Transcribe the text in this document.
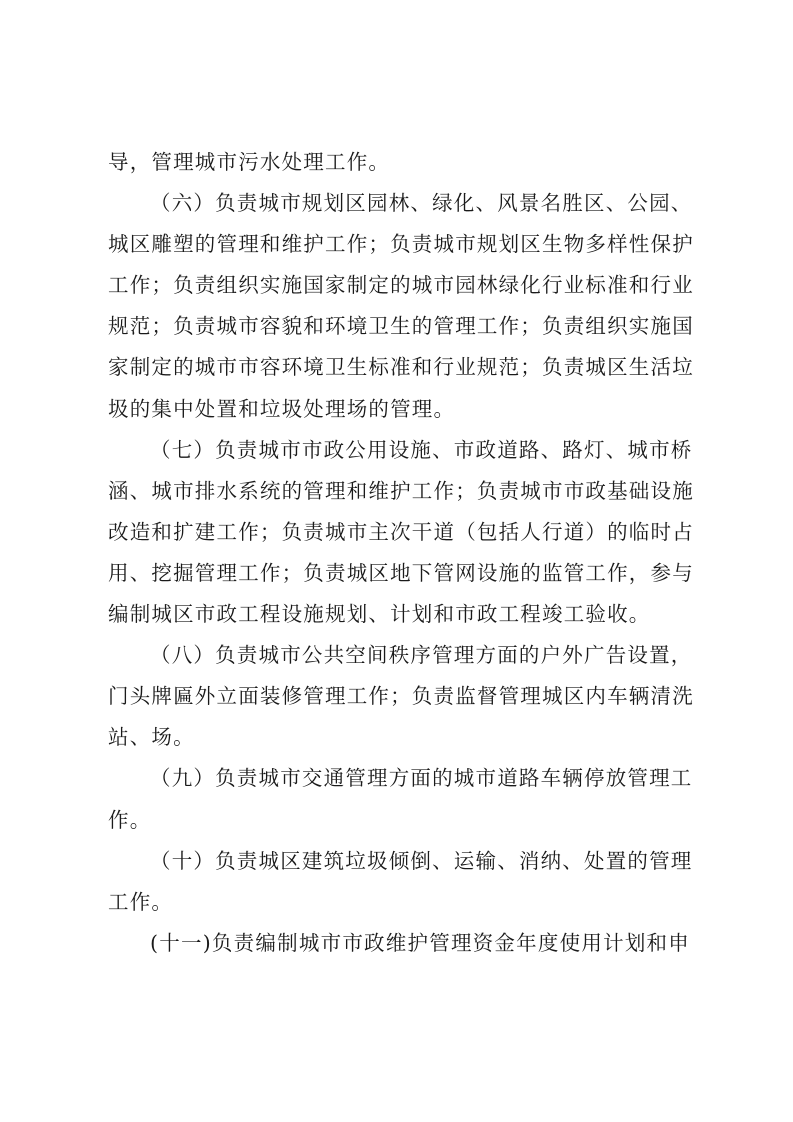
导，管理城市污水处理工作。
（六）负责城市规划区园林、绿化、风景名胜区、公园、
城区雕塑的管理和维护工作；负责城市规划区生物多样性保护
工作；负责组织实施国家制定的城市园林绿化行业标准和行业
规范；负责城市容貌和环境卫生的管理工作；负责组织实施国
家制定的城市市容环境卫生标准和行业规范；负责城区生活垃
圾的集中处置和垃圾处理场的管理。
（七）负责城市市政公用设施、市政道路、路灯、城市桥
涵、城市排水系统的管理和维护工作；负责城市市政基础设施
改造和扩建工作；负责城市主次干道（包括人行道）的临时占
用、挖掘管理工作；负责城区地下管网设施的监管工作，参与
编制城区市政工程设施规划、计划和市政工程竣工验收。
（八）负责城市公共空间秩序管理方面的户外广告设置，
门头牌匾外立面装修管理工作；负责监督管理城区内车辆清洗
站、场。
（九）负责城市交通管理方面的城市道路车辆停放管理工
作。
（十）负责城区建筑垃圾倾倒、运输、消纳、处置的管理
工作。
(十一)负责编制城市市政维护管理资金年度使用计划和申
